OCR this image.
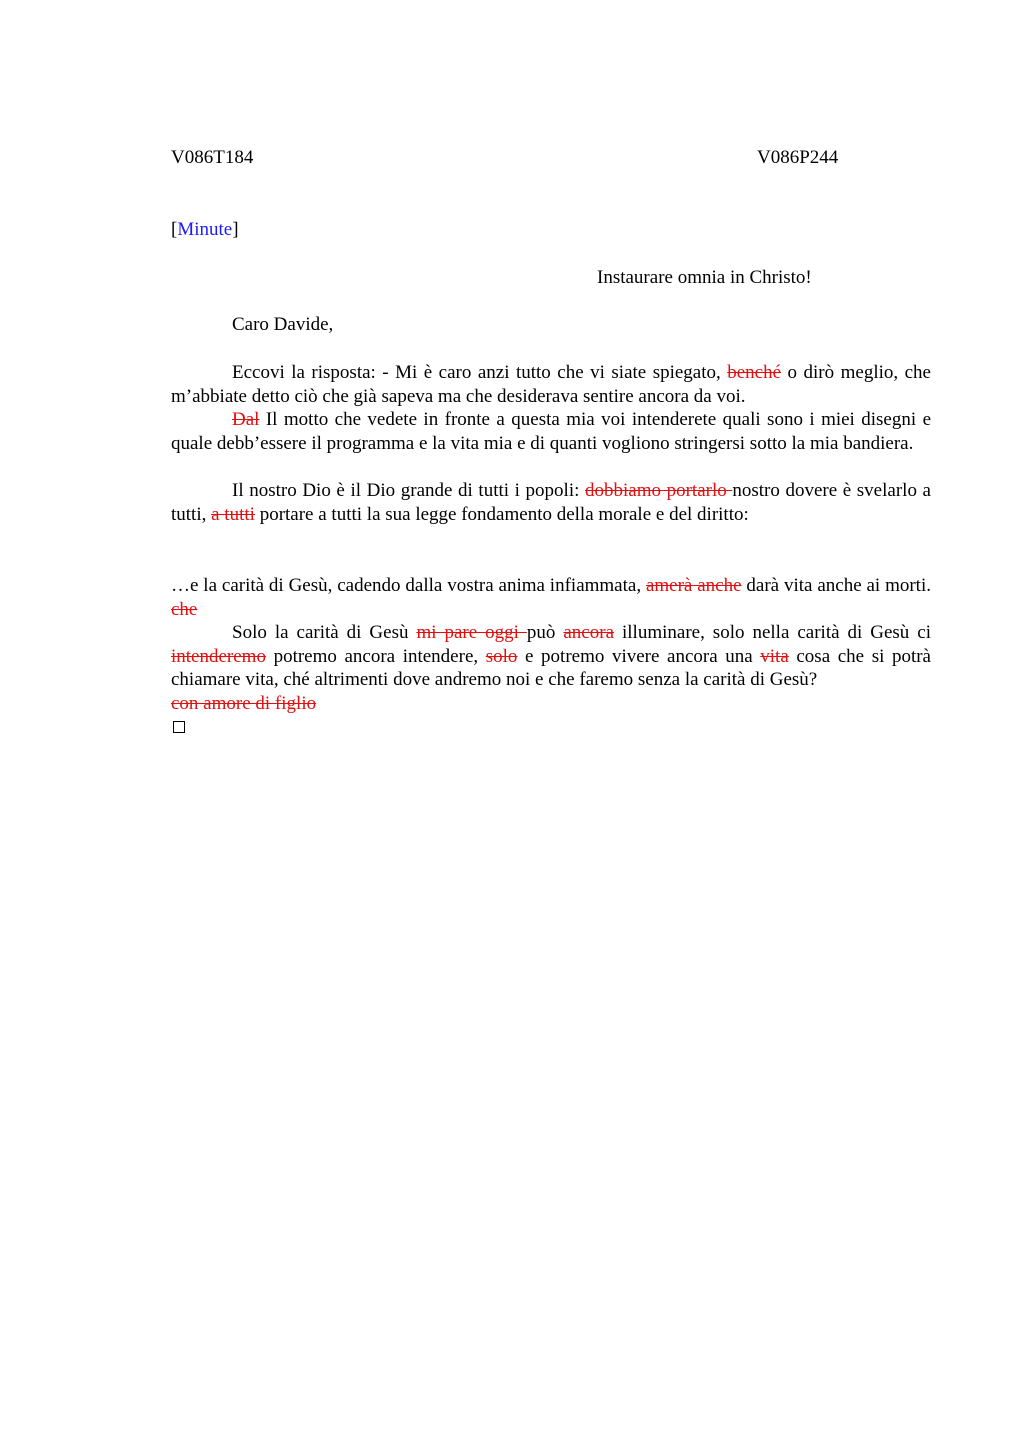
V086T184	V086P244
[Minute]
Instaurare omnia in Christo!
Caro Davide,
Eccovi la risposta: - Mi è caro anzi tutto che vi siate spiegato, benché o dirò meglio, che m’abbiate detto ciò che già sapeva ma che desiderava sentire ancora da voi.
Dal Il motto che vedete in fronte a questa mia voi intenderete quali sono i miei disegni e quale debb’essere il programma e la vita mia e di quanti vogliono stringersi sotto la mia bandiera.
Il nostro Dio è il Dio grande di tutti i popoli: dobbiamo portarlo nostro dovere è svelarlo a tutti, a tutti portare a tutti la sua legge fondamento della morale e del diritto:
…e la carità di Gesù, cadendo dalla vostra anima infiammata, amerà anche darà vita anche ai morti. che
Solo la carità di Gesù mi pare oggi può ancora illuminare, solo nella carità di Gesù ci intenderemo potremo ancora intendere, solo e potremo vivere ancora una vita cosa che si potrà chiamare vita, ché altrimenti dove andremo noi e che faremo senza la carità di Gesù?
con amore di figlio
